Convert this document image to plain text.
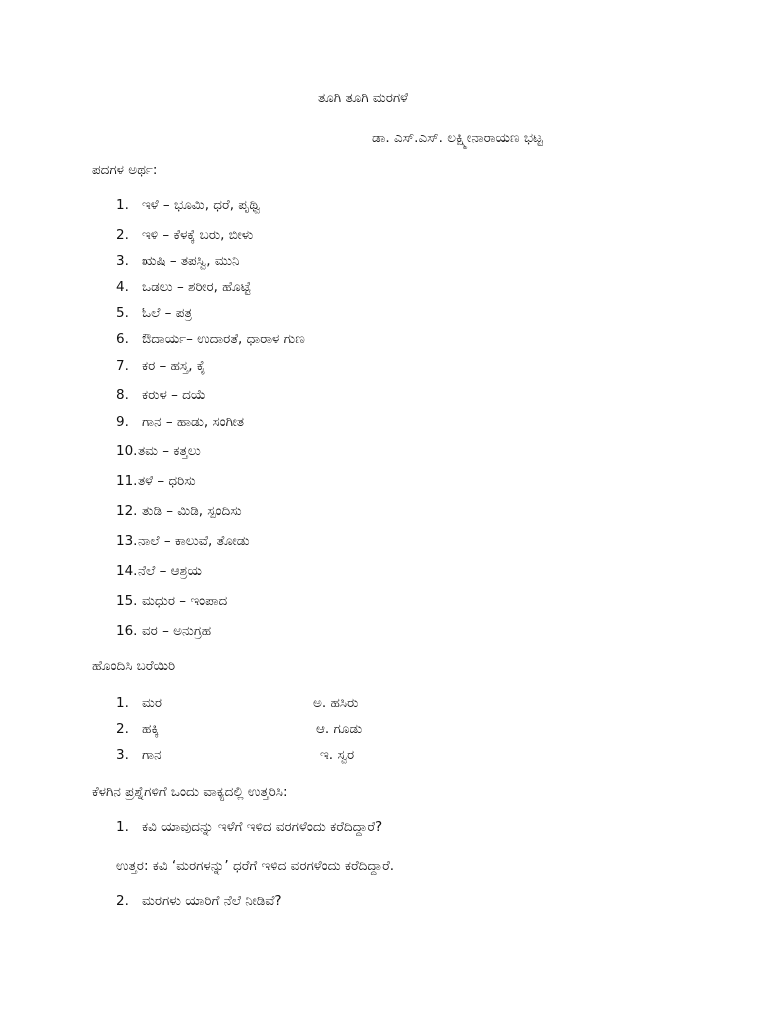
ತೂಗಿ ತೂಗಿ ಮರಗಳೆ
ಡಾ. ಎಸ್.ಎಸ್. ಲಕ್ಷ್ಮೀನಾರಾಯಣ ಭಟ್ಟ
ಪದಗಳ ಅರ್ಥ:
1. ಇಳೆ – ಭೂಮಿ, ಧರೆ, ಪೃಥ್ವಿ
2. ಇಳಿ – ಕೆಳಕ್ಕೆ ಬರು, ಬೀಳು
3. ಋಷಿ – ತಪಸ್ವಿ, ಮುನಿ
4. ಒಡಲು – ಶರೀರ, ಹೊಟ್ಟೆ
5. ಓಲೆ – ಪತ್ರ
6. ಔದಾರ್ಯ– ಉದಾರತೆ, ಧಾರಾಳ ಗುಣ
7. ಕರ – ಹಸ್ತ, ಕೈ
8. ಕರುಳ – ದಯೆ
9. ಗಾನ – ಹಾಡು, ಸಂಗೀತ
10.ತಮ – ಕತ್ತಲು
11.ತಳೆ – ಧರಿಸು
12. ತುಡಿ – ಮಿಡಿ, ಸ್ಪಂದಿಸು
13.ನಾಲೆ – ಕಾಲುವೆ, ತೋಡು
14.ನೆಲೆ – ಆಶ್ರಯ
15. ಮಧುರ – ಇಂಪಾದ
16. ವರ – ಅನುಗ್ರಹ
ಹೊಂದಿಸಿ ಬರೆಯಿರಿ
1. ಮರ	ಅ. ಹಸಿರು
2. ಹಕ್ಕಿ	ಆ. ಗೂಡು
3. ಗಾನ	ಇ. ಸ್ವರ
ಕೆಳಗಿನ ಪ್ರಶ್ನೆಗಳಿಗೆ ಒಂದು ವಾಕ್ಯದಲ್ಲಿ ಉತ್ತರಿಸಿ:
1. ಕವಿ ಯಾವುದನ್ನು ಇಳೆಗೆ ಇಳಿದ ವರಗಳೆಂದು ಕರೆದಿದ್ದಾರೆ?
ಉತ್ತರ: ಕವಿ ‘ಮರಗಳನ್ನು’ ಧರೆಗೆ ಇಳಿದ ವರಗಳೆಂದು ಕರೆದಿದ್ದಾರೆ.
2. ಮರಗಳು ಯಾರಿಗೆ ನೆಲೆ ನೀಡಿವೆ?
